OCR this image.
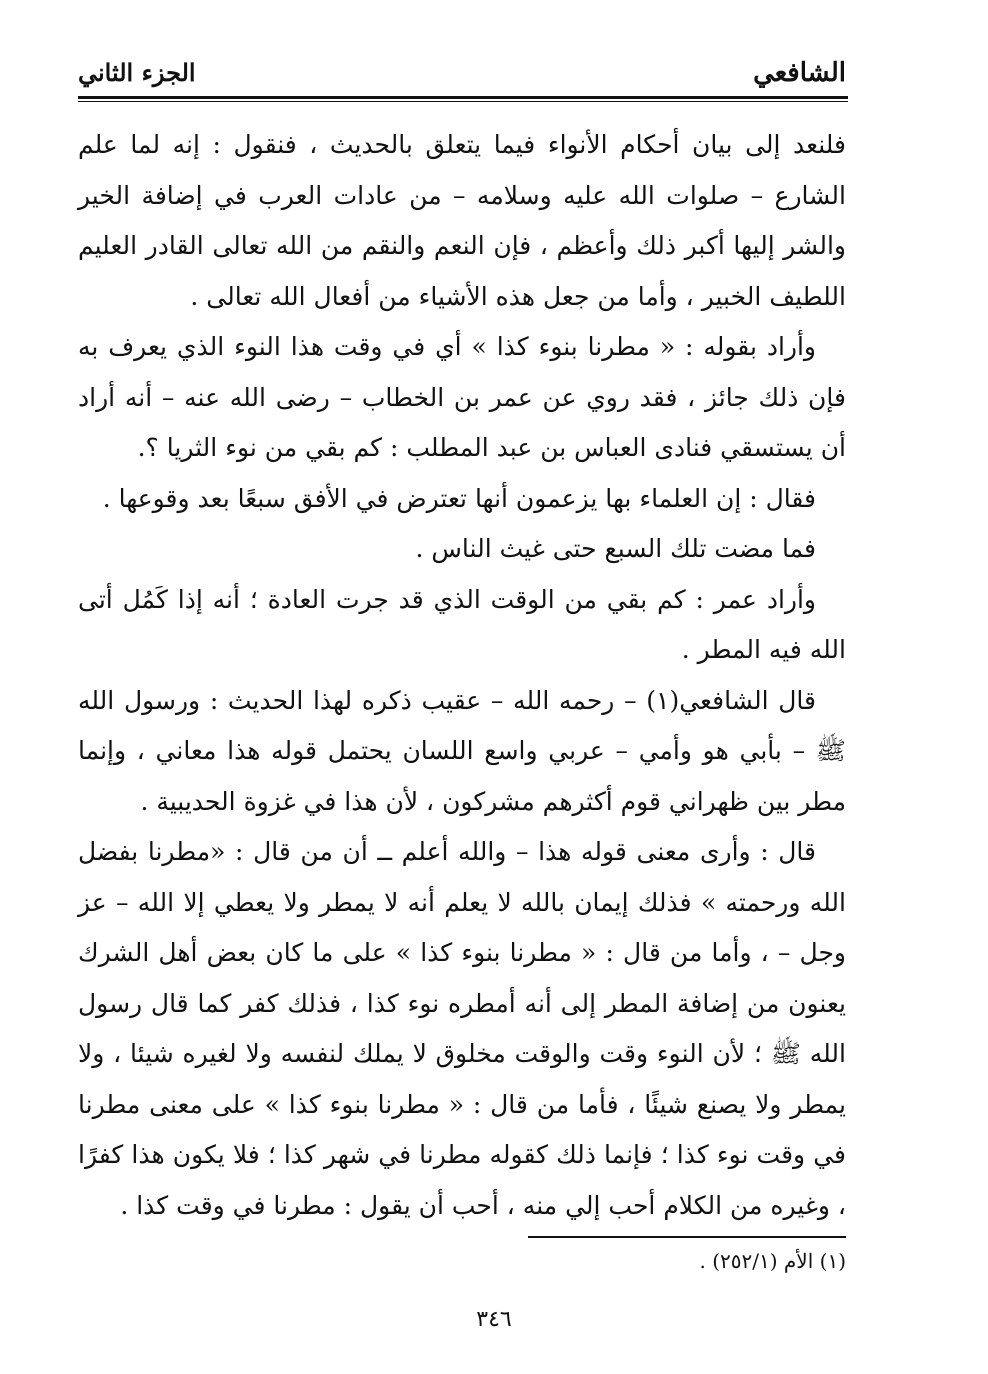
الشافعي
الجزء الثاني

فلنعد إلى بيان أحكام الأنواء فيما يتعلق بالحديث ، فنقول : إنه لما علم الشارع – صلوات الله عليه وسلامه – من عادات العرب في إضافة الخير والشر إليها أكبر ذلك وأعظم ، فإن النعم والنقم من الله تعالى القادر العليم اللطيف الخبير ، وأما من جعل هذه الأشياء من أفعال الله تعالى .

وأراد بقوله : « مطرنا بنوء كذا » أي في وقت هذا النوء الذي يعرف به فإن ذلك جائز ، فقد روي عن عمر بن الخطاب – رضى الله عنه – أنه أراد أن يستسقي فنادى العباس بن عبد المطلب : كم بقي من نوء الثريا ؟.

فقال : إن العلماء بها يزعمون أنها تعترض في الأفق سبعًا بعد وقوعها .

فما مضت تلك السبع حتى غيث الناس .

وأراد عمر : كم بقي من الوقت الذي قد جرت العادة ؛ أنه إذا كَمُل أتى الله فيه المطر .

قال الشافعي(١) – رحمه الله – عقيب ذكره لهذا الحديث : ورسول الله ﷺ – بأبي هو وأمي – عربي واسع اللسان يحتمل قوله هذا معاني ، وإنما مطر بين ظهراني قوم أكثرهم مشركون ، لأن هذا في غزوة الحديبية .

قال : وأرى معنى قوله هذا – والله أعلم ــ أن من قال : «مطرنا بفضل الله ورحمته » فذلك إيمان بالله لا يعلم أنه لا يمطر ولا يعطي إلا الله – عز وجل – ، وأما من قال : « مطرنا بنوء كذا » على ما كان بعض أهل الشرك يعنون من إضافة المطر إلى أنه أمطره نوء كذا ، فذلك كفر كما قال رسول الله ﷺ ؛ لأن النوء وقت والوقت مخلوق لا يملك لنفسه ولا لغيره شيئا ، ولا يمطر ولا يصنع شيئًا ، فأما من قال : « مطرنا بنوء كذا » على معنى مطرنا في وقت نوء كذا ؛ فإنما ذلك كقوله مطرنا في شهر كذا ؛ فلا يكون هذا كفرًا ، وغيره من الكلام أحب إلي منه ، أحب أن يقول : مطرنا في وقت كذا .

(١) الأم (٢٥٢/١) .
٣٤٦
